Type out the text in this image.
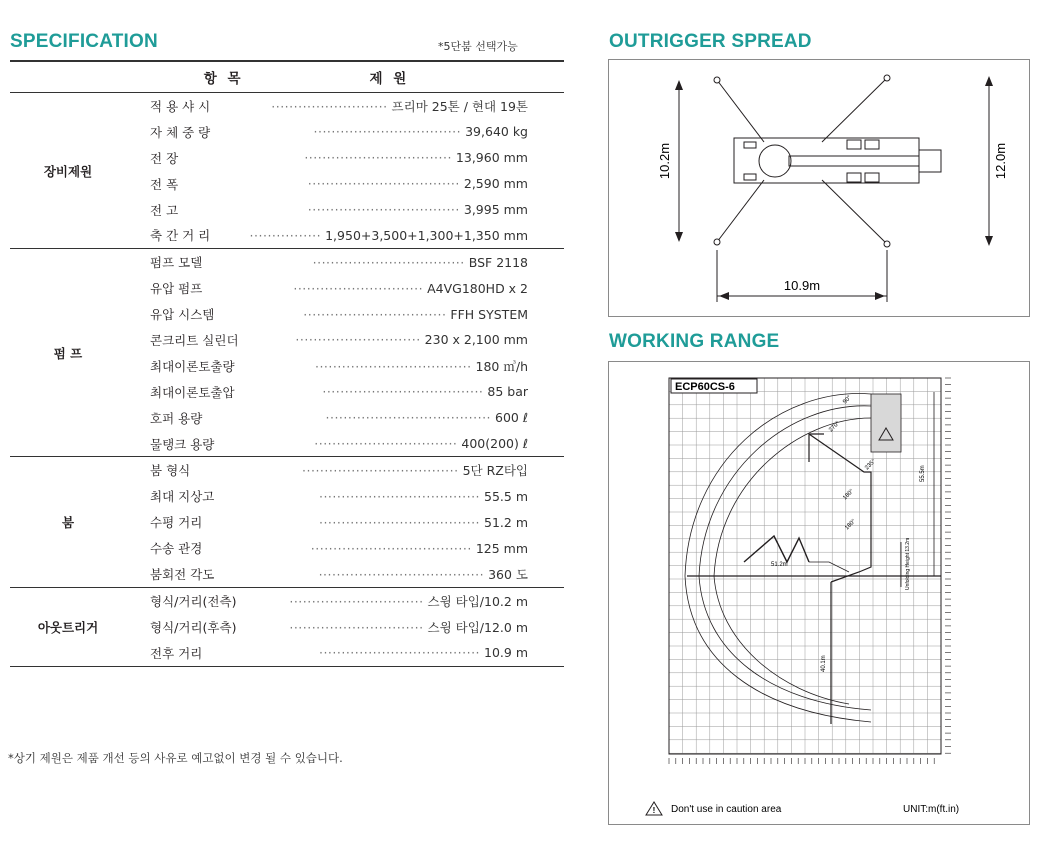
SPECIFICATION	*5단붐 선택가능
항 목		제 원
장비제원	적 용 샤 시	·························· 프리마 25톤 / 현대 19톤
	자 체 중 량	································· 39,640 kg
	전 장	································· 13,960 mm
	전 폭	·································· 2,590 mm
	전 고	·································· 3,995 mm
	축 간 거 리	················ 1,950+3,500+1,300+1,350 mm
펌 프	펌프 모델	·································· BSF 2118
	유압 펌프	····························· A4VG180HD x 2
	유압 시스템	································ FFH SYSTEM
	콘크리트 실린더	···························· 230 x 2,100 mm
	최대이론토출량	··································· 180 ㎥/h
	최대이론토출압	···································· 85 bar
	호퍼 용량	····································· 600 ℓ
	물탱크 용량	································ 400(200) ℓ
붐	붐 형식	··································· 5단 RZ타입
	최대 지상고	···································· 55.5 m
	수평 거리	···································· 51.2 m
	수송 관경	···································· 125 mm
	붐회전 각도	····································· 360 도
아웃트리거	형식/거리(전측)	······························ 스윙 타입/10.2 m
	형식/거리(후측)	······························ 스윙 타입/12.0 m
	전후 거리	···································· 10.9 m
*상기 제원은 제품 개선 등의 사유로 예고없이 변경 될 수 있습니다.
OUTRIGGER SPREAD
10.2m	12.0m
10.9m
WORKING RANGE
ECP60CS-6
55.5m
51.2m
40.1m
Unfolding Height 13.2m
90°
270°
235°
180°
180°
! Don't use in caution area	UNIT:m(ft.in)
